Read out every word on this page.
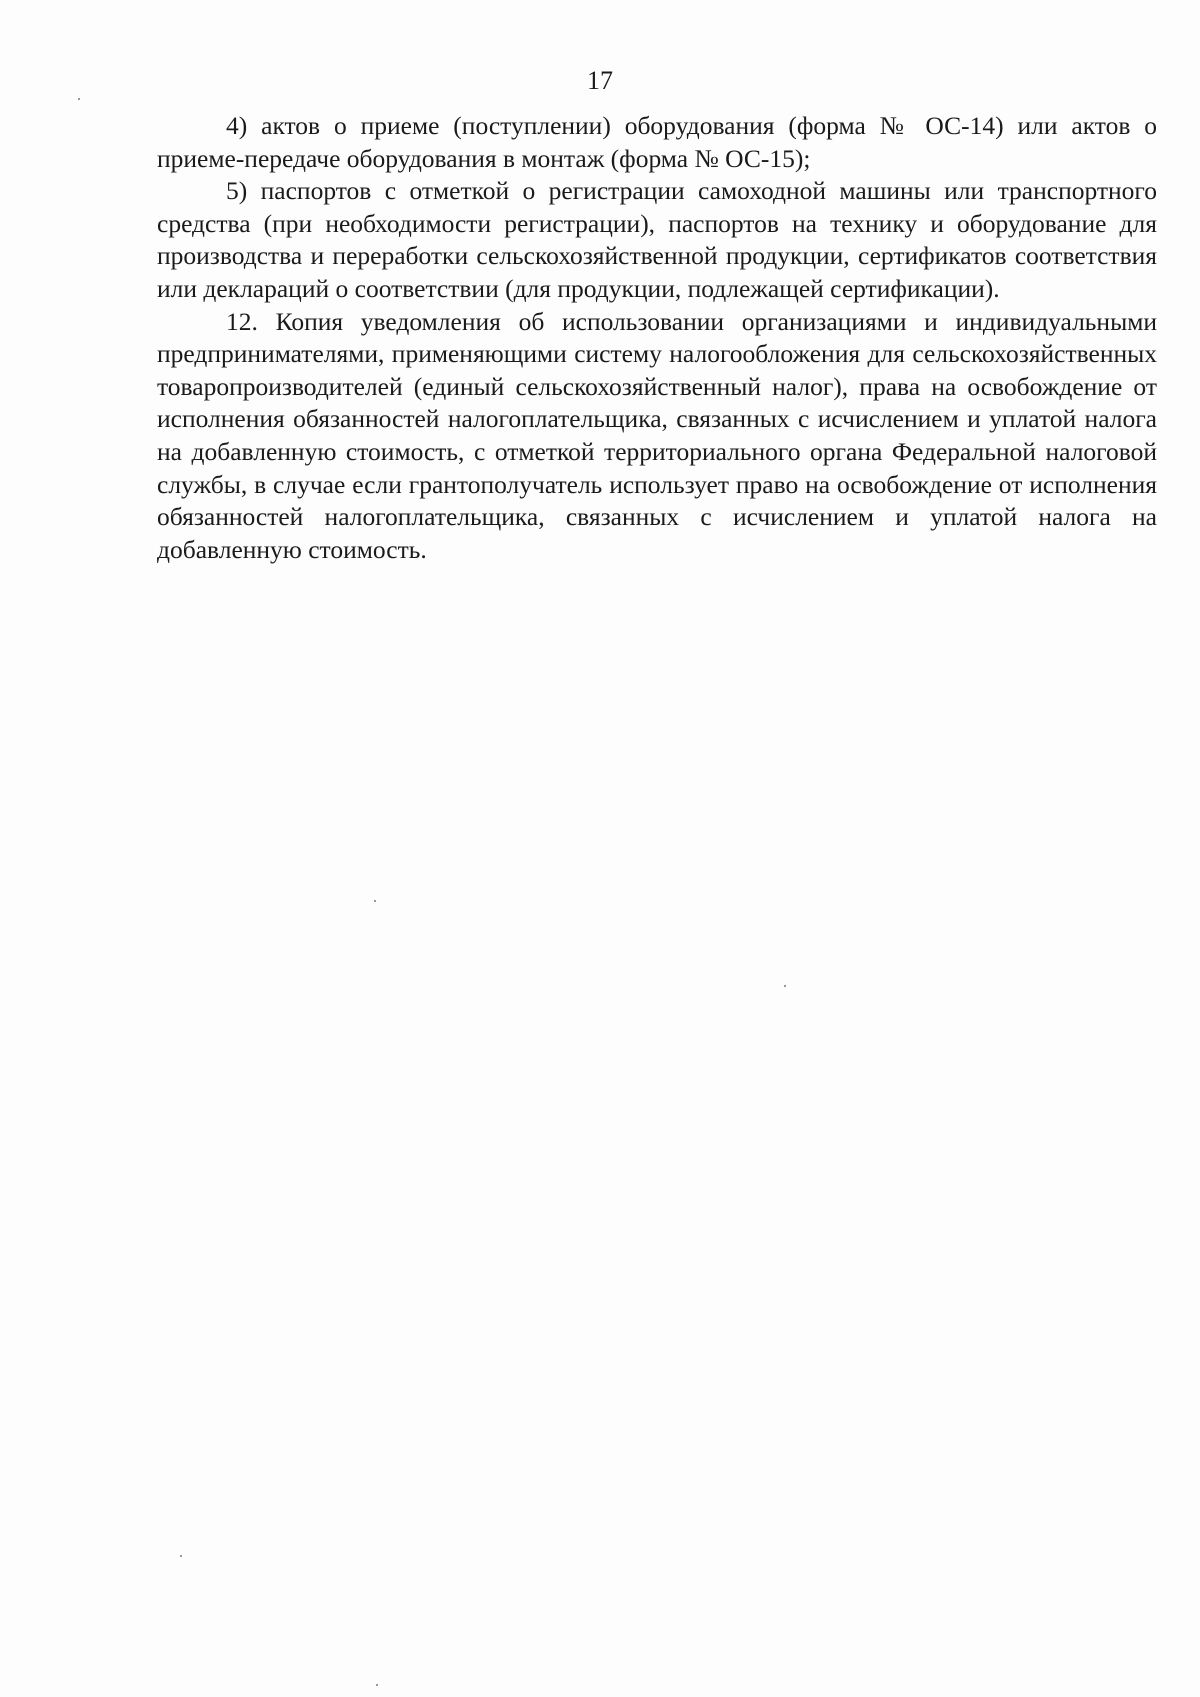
17

4) актов о приеме (поступлении) оборудования (форма № ОС-14) или актов о приеме-передаче оборудования в монтаж (форма № ОС-15);

5) паспортов с отметкой о регистрации самоходной машины или транспортного средства (при необходимости регистрации), паспортов на технику и оборудование для производства и переработки сельскохозяйственной продукции, сертификатов соответствия или деклараций о соответствии (для продукции, подлежащей сертификации).

12. Копия уведомления об использовании организациями и индивидуальными предпринимателями, применяющими систему налогообложения для сельскохозяйственных товаропроизводителей (единый сельскохозяйственный налог), права на освобождение от исполнения обязанностей налогоплательщика, связанных с исчислением и уплатой налога на добавленную стоимость, с отметкой территориального органа Федеральной налоговой службы, в случае если грантополучатель использует право на освобождение от исполнения обязанностей налогоплательщика, связанных с исчислением и уплатой налога на добавленную стоимость.
